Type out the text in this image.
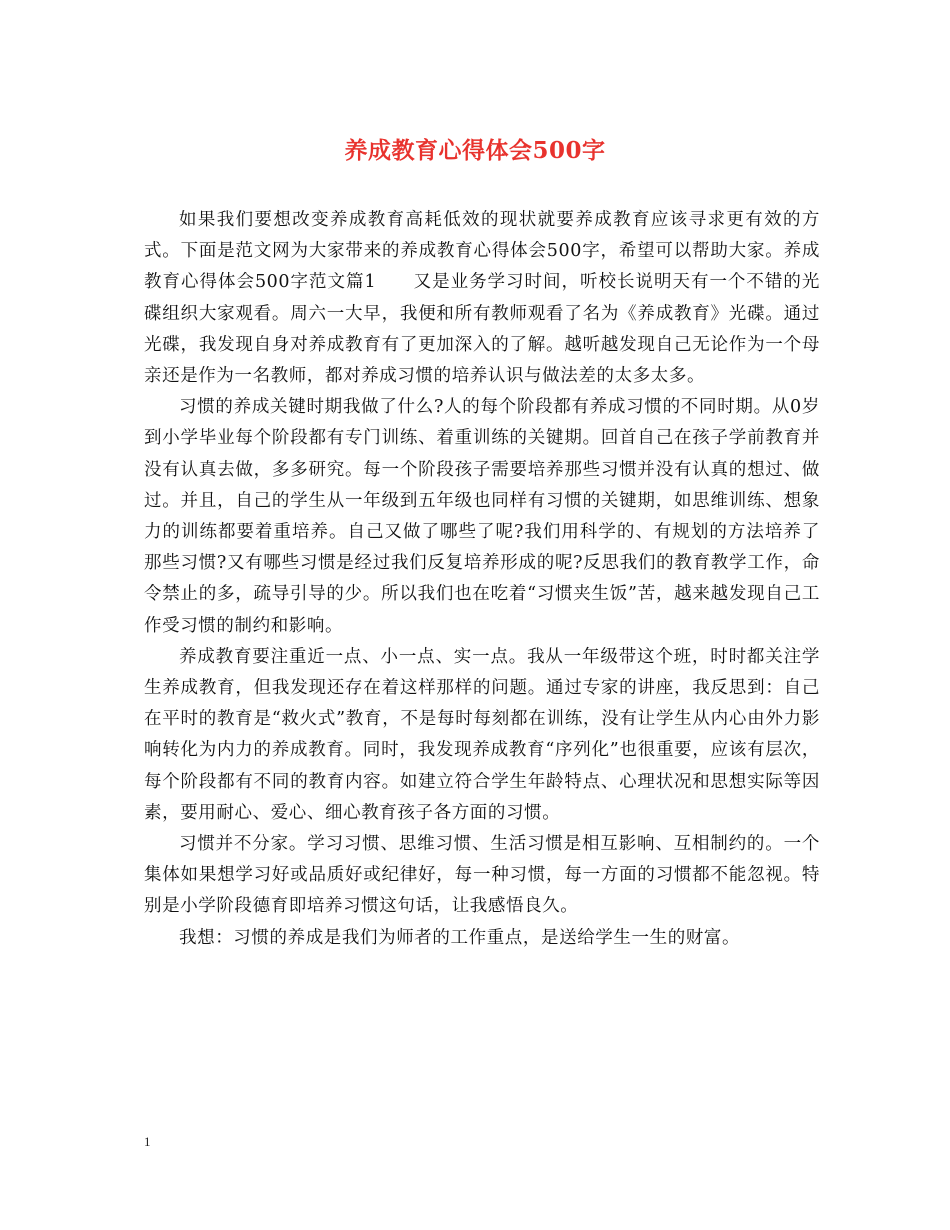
养成教育心得体会500字

如果我们要想改变养成教育高耗低效的现状就要养成教育应该寻求更有效的方式。下面是范文网为大家带来的养成教育心得体会500字，希望可以帮助大家。养成教育心得体会500字范文篇1　　又是业务学习时间，听校长说明天有一个不错的光碟组织大家观看。周六一大早，我便和所有教师观看了名为《养成教育》光碟。通过光碟，我发现自身对养成教育有了更加深入的了解。越听越发现自己无论作为一个母亲还是作为一名教师，都对养成习惯的培养认识与做法差的太多太多。

习惯的养成关键时期我做了什么?人的每个阶段都有养成习惯的不同时期。从0岁到小学毕业每个阶段都有专门训练、着重训练的关键期。回首自己在孩子学前教育并没有认真去做，多多研究。每一个阶段孩子需要培养那些习惯并没有认真的想过、做过。并且，自己的学生从一年级到五年级也同样有习惯的关键期，如思维训练、想象力的训练都要着重培养。自己又做了哪些了呢?我们用科学的、有规划的方法培养了那些习惯?又有哪些习惯是经过我们反复培养形成的呢?反思我们的教育教学工作，命令禁止的多，疏导引导的少。所以我们也在吃着“习惯夹生饭”苦，越来越发现自己工作受习惯的制约和影响。

养成教育要注重近一点、小一点、实一点。我从一年级带这个班，时时都关注学生养成教育，但我发现还存在着这样那样的问题。通过专家的讲座，我反思到：自己在平时的教育是“救火式”教育，不是每时每刻都在训练，没有让学生从内心由外力影响转化为内力的养成教育。同时，我发现养成教育“序列化”也很重要，应该有层次，每个阶段都有不同的教育内容。如建立符合学生年龄特点、心理状况和思想实际等因素，要用耐心、爱心、细心教育孩子各方面的习惯。

习惯并不分家。学习习惯、思维习惯、生活习惯是相互影响、互相制约的。一个集体如果想学习好或品质好或纪律好，每一种习惯，每一方面的习惯都不能忽视。特别是小学阶段德育即培养习惯这句话，让我感悟良久。

我想：习惯的养成是我们为师者的工作重点，是送给学生一生的财富。

1
